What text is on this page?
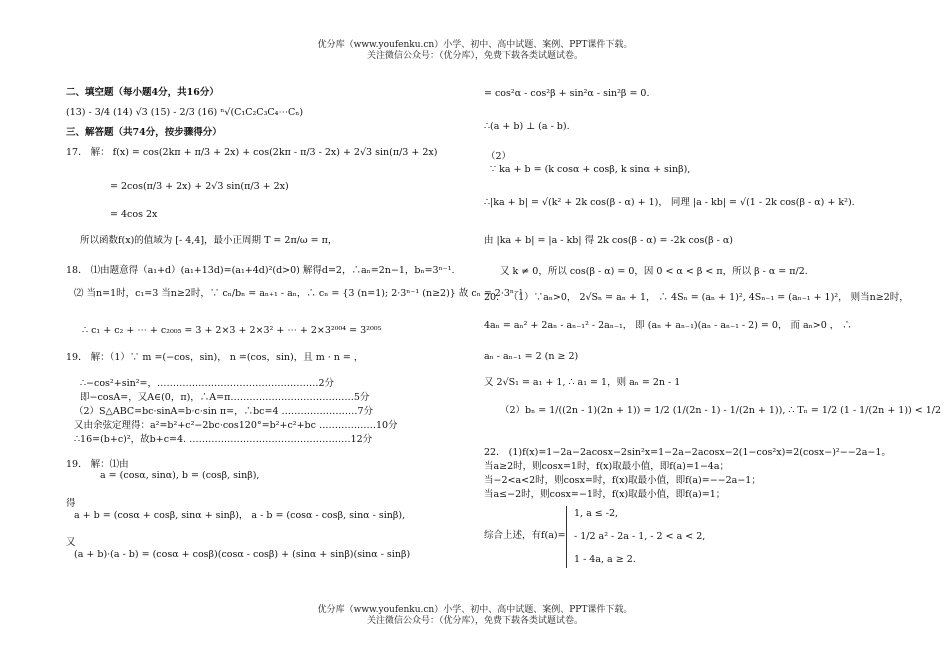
优分库（www.youfenku.cn）小学、初中、高中试题、案例、PPT课件下载。
关注微信公众号：（优分库），免费下载各类试题试卷。
二、填空题（每小题4分，共16分）
(13) - 3/4 (14) √3 (15) - 2/3 (16) ⁿ√(C₁C₂C₃C₄⋯Cₙ)
三、解答题（共74分，按步骤得分）
17． 解： f(x) = cos(2kπ + π/3 + 2x) + cos(2kπ - π/3 - 2x) + 2√3 sin(π/3 + 2x)
= 2cos(π/3 + 2x) + 2√3 sin(π/3 + 2x)
= 4cos 2x
所以函数f(x)的值域为 [- 4,4]，最小正周期 T = 2π/ω = π，
18． ⑴由题意得（a₁+d）(a₁+13d)=(a₁+4d)²(d>0) 解得d=2，∴aₙ=2n−1，bₙ=3ⁿ⁻¹.
⑵ 当n=1时，c₁=3 当n≥2时，∵ cₙ/bₙ = aₙ₊₁ - aₙ，∴ cₙ = {3 (n=1); 2·3ⁿ⁻¹ (n≥2)} 故 cₙ = 2·3ⁿ⁻¹
∴ c₁ + c₂ + ⋯ + c₂₀₀₅ = 3 + 2×3 + 2×3² + ⋯ + 2×3²⁰⁰⁴ = 3²⁰⁰⁵
19． 解：（1）∵ m =(−cos，sin)， n =(cos，sin)，且 m · n = ，
∴−cos²+sin²=，……………………………………………2分
即−cosA=，又A∈(0，π)，∴A=π…………………………………5分
（2）S△ABC=bc·sinA=b·c·sin π=，∴bc=4 ……………………7分
又由余弦定理得：a²=b²+c²−2bc·cos120°=b²+c²+bc ………………10分
∴16=(b+c)²，故b+c=4. ……………………………………………12分
19． 解：⑴由
a = (cosα, sinα), b = (cosβ, sinβ),
得
a + b = (cosα + cosβ, sinα + sinβ)， a - b = (cosα - cosβ, sinα - sinβ),
又
(a + b)·(a - b) = (cosα + cosβ)(cosα - cosβ) + (sinα + sinβ)(sinα - sinβ)
= cos²α - cos²β + sin²α - sin²β = 0.
∴(a + b) ⊥ (a - b).
（2）
∵ ka + b = (k cosα + cosβ, k sinα + sinβ),
∴|ka + b| = √(k² + 2k cos(β - α) + 1)， 同理 |a - kb| = √(1 - 2k cos(β - α) + k²).
由 |ka + b| = |a - kb| 得 2k cos(β - α) = -2k cos(β - α)
又 k ≠ 0，所以 cos(β - α) = 0，因 0 < α < β < π，所以 β - α = π/2.
20． （1）∵aₙ>0， 2√Sₙ = aₙ + 1， ∴ 4Sₙ = (aₙ + 1)², 4Sₙ₋₁ = (aₙ₋₁ + 1)²， 则当n≥2时，
4aₙ = aₙ² + 2aₙ - aₙ₋₁² - 2aₙ₋₁， 即 (aₙ + aₙ₋₁)(aₙ - aₙ₋₁ - 2) = 0， 而 aₙ>0 ， ∴
aₙ - aₙ₋₁ = 2 (n ≥ 2)
又 2√S₁ = a₁ + 1, ∴ a₁ = 1，则 aₙ = 2n - 1
（2）bₙ = 1/((2n - 1)(2n + 1)) = 1/2 (1/(2n - 1) - 1/(2n + 1)), ∴ Tₙ = 1/2 (1 - 1/(2n + 1)) < 1/2
22． (1)f(x)=1−2a−2acosx−2sin²x=1−2a−2acosx−2(1−cos²x)=2(cosx−)²−−2a−1。
当a≥2时，则cosx=1时，f(x)取最小值，即f(a)=1−4a；
当−2<a<2时，则cosx=时，f(x)取最小值，即f(a)=−−2a−1；
当a≤−2时，则cosx=−1时，f(x)取最小值，即f(a)=1；
综合上述，有f(a)=
1, a ≤ -2,
- 1/2 a² - 2a - 1, - 2 < a < 2,
1 - 4a, a ≥ 2.
优分库（www.youfenku.cn）小学、初中、高中试题、案例、PPT课件下载。
关注微信公众号：（优分库），免费下载各类试题试卷。
